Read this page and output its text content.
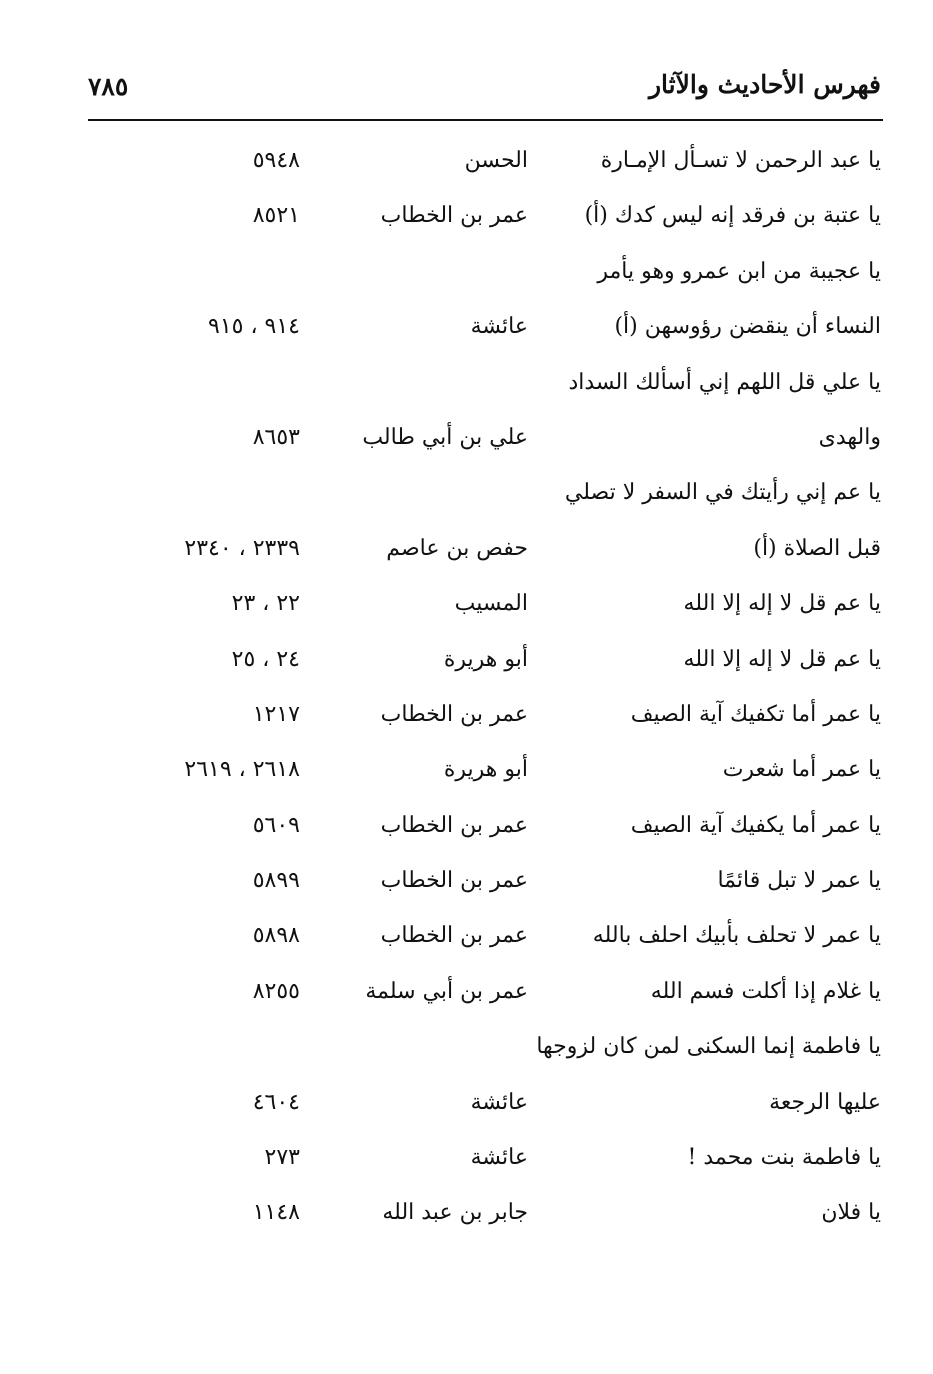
فهرس الأحاديث والآثار
٧٨٥
يا عبد الرحمن لا تسـأل الإمـارة
الحسن
٥٩٤٨
يا عتبة بن فرقد إنه ليس كدك (أ)
عمر بن الخطاب
٨٥٢١
يا عجيبة من ابن عمرو وهو يأمر
النساء أن ينقضن رؤوسهن (أ)
عائشة
٩١٤ ، ٩١٥
يا علي قل اللهم إني أسألك السداد
والهدى
علي بن أبي طالب
٨٦٥٣
يا عم إني رأيتك في السفر لا تصلي
قبل الصلاة (أ)
حفص بن عاصم
٢٣٣٩ ، ٢٣٤٠
يا عم قل لا إله إلا الله
المسيب
٢٢ ، ٢٣
يا عم قل لا إله إلا الله
أبو هريرة
٢٤ ، ٢٥
يا عمر أما تكفيك آية الصيف
عمر بن الخطاب
١٢١٧
يا عمر أما شعرت
أبو هريرة
٢٦١٨ ، ٢٦١٩
يا عمر أما يكفيك آية الصيف
عمر بن الخطاب
٥٦٠٩
يا عمر لا تبل قائمًا
عمر بن الخطاب
٥٨٩٩
يا عمر لا تحلف بأبيك احلف بالله
عمر بن الخطاب
٥٨٩٨
يا غلام إذا أكلت فسم الله
عمر بن أبي سلمة
٨٢٥٥
يا فاطمة إنما السكنى لمن كان لزوجها
عليها الرجعة
عائشة
٤٦٠٤
يا فاطمة بنت محمد !
عائشة
٢٧٣
يا فلان
جابر بن عبد الله
١١٤٨
